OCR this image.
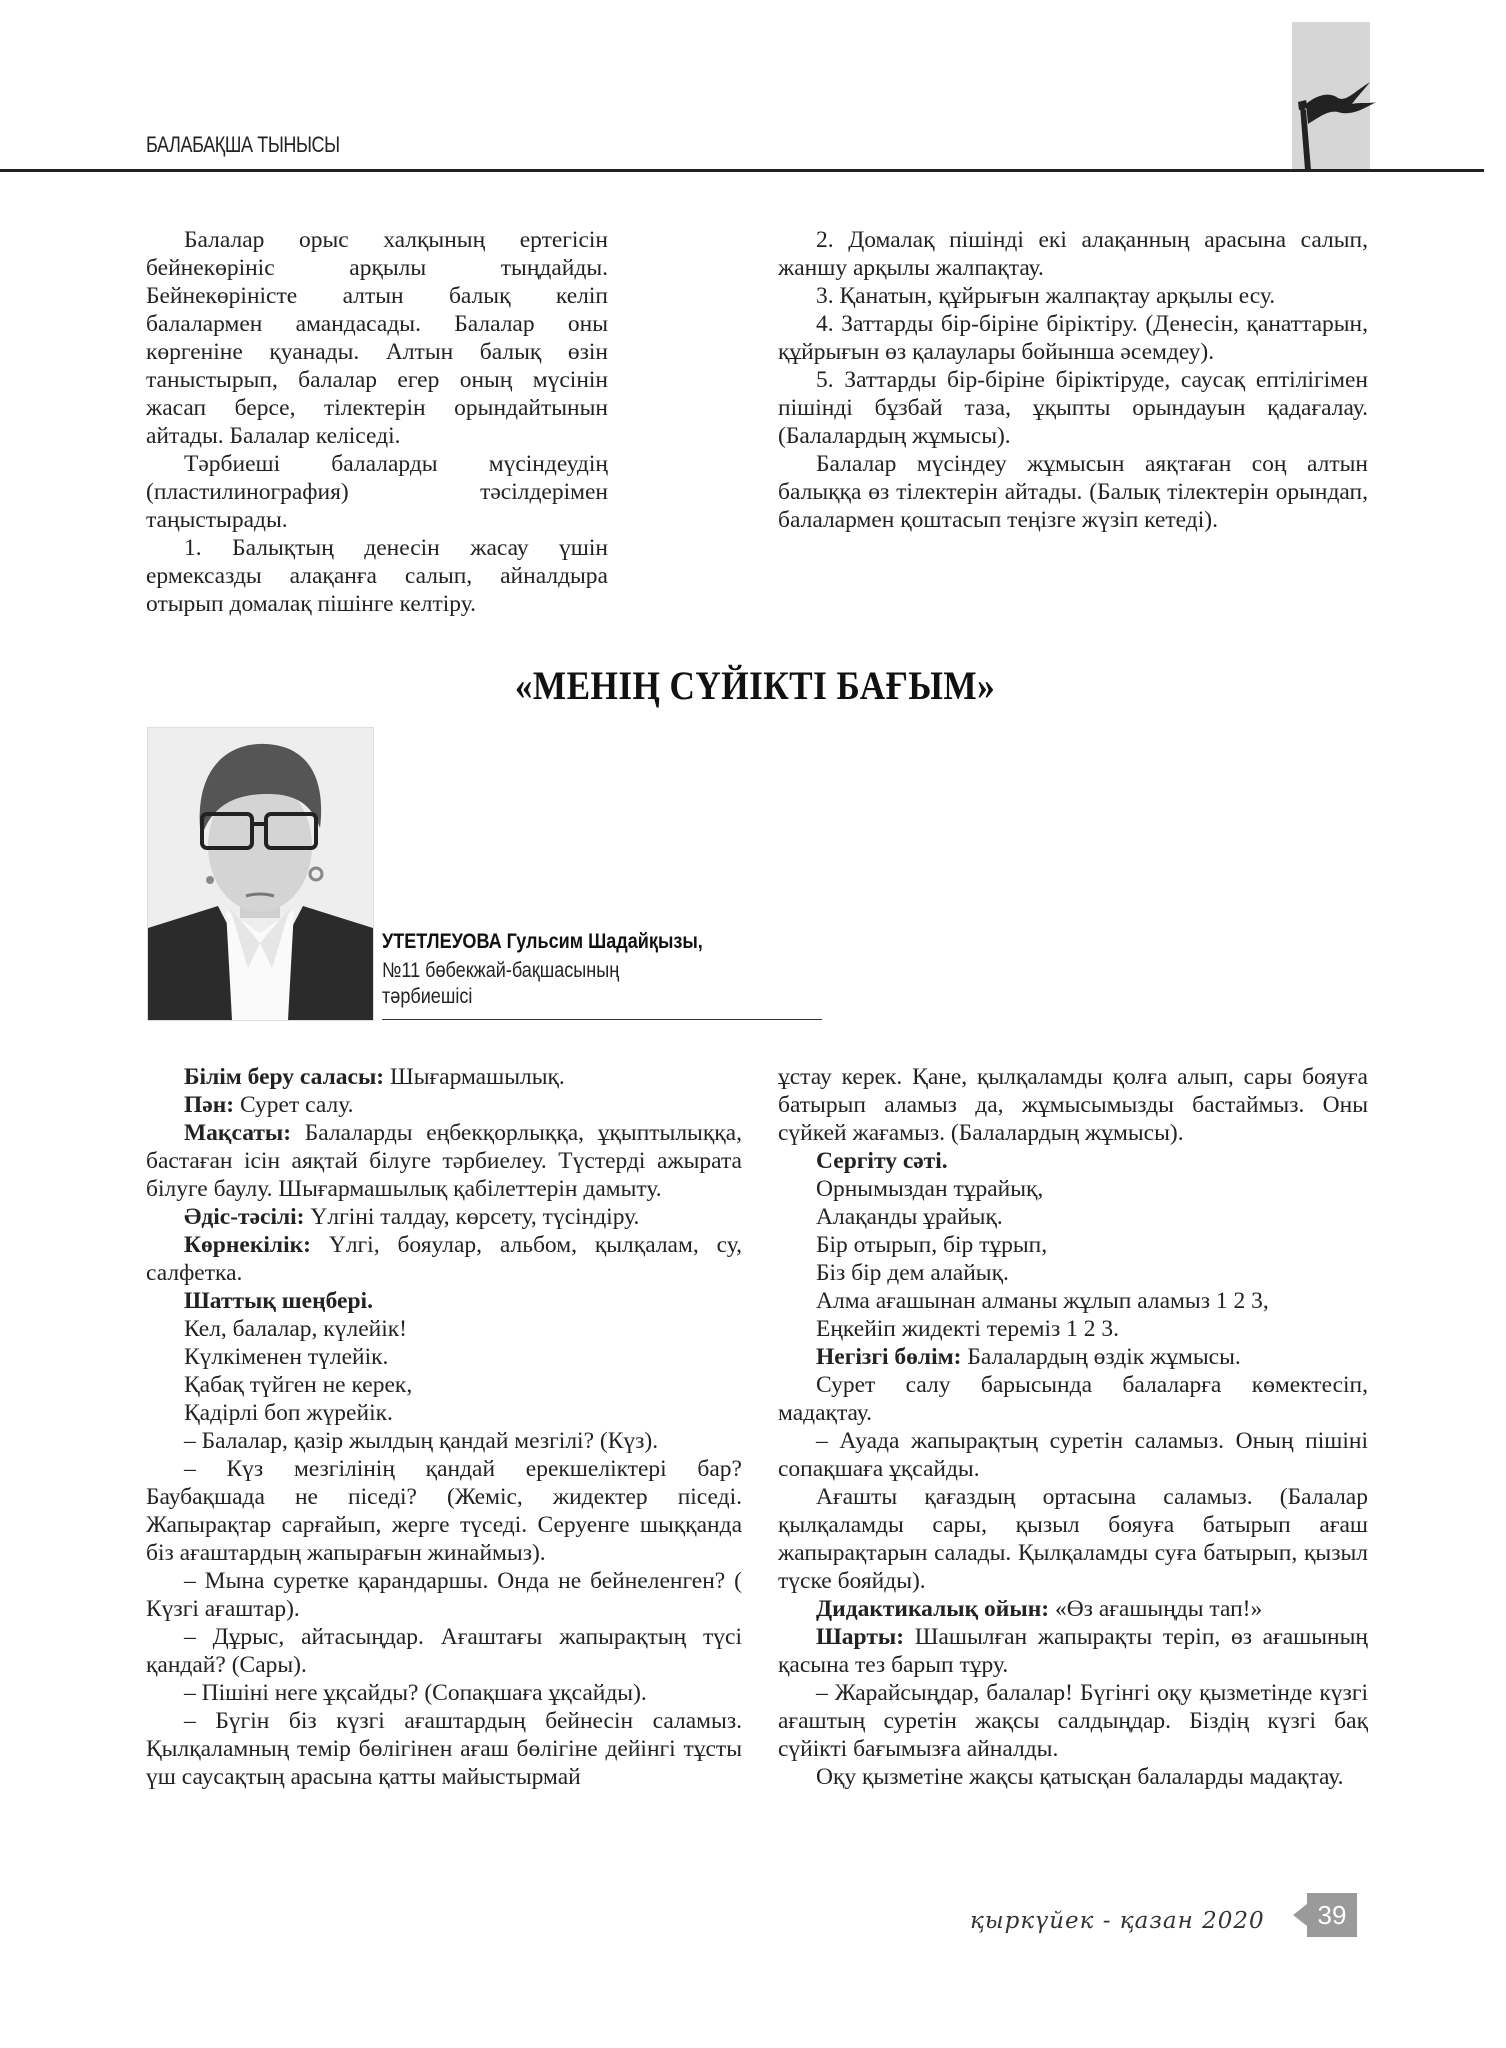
БАЛАБАҚША ТЫНЫСЫ

Балалар орыс халқының ертегісін бейнекөрініс арқылы тыңдайды. Бейнекөріністе алтын балық келіп балалармен амандасады. Балалар оны көргеніне қуанады. Алтын балық өзін таныстырып, балалар егер оның мүсінін жасап берсе, тілектерін орындайтынын айтады. Балалар келіседі.

Тәрбиеші балаларды мүсіндеудің (пластилинография) тәсілдерімен таңыстырады.

1. Балықтың денесін жасау үшін ермексазды алақанға салып, айналдыра отырып домалақ пішінге келтіру.

2. Домалақ пішінді екі алақанның арасына салып, жаншу арқылы жалпақтау.

3. Қанатын, құйрығын жалпақтау арқылы есу.

4. Заттарды бір-біріне біріктіру. (Денесін, қанаттарын, құйрығын өз қалаулары бойынша әсемдеу).

5. Заттарды бір-біріне біріктіруде, саусақ ептілігімен пішінді бұзбай таза, ұқыпты орындауын қадағалау. (Балалардың жұмысы).

Балалар мүсіндеу жұмысын аяқтаған соң алтын балыққа өз тілектерін айтады. (Балық тілектерін орындап, балалармен қоштасып теңізге жүзіп кетеді).

«МЕНІҢ СҮЙІКТІ БАҒЫМ»
УТЕТЛЕУОВА Гульсим Шадайқызы,
№11 бөбекжай-бақшасының
тәрбиешісі

Білім беру саласы: Шығармашылық.

Пән: Сурет салу.

Мақсаты: Балаларды еңбекқорлыққа, ұқыптылыққа, бастаған ісін аяқтай білуге тәрбиелеу. Түстерді ажырата білуге баулу. Шығармашылық қабілеттерін дамыту.

Әдіс-тәсілі: Үлгіні талдау, көрсету, түсіндіру.

Көрнекілік: Үлгі, бояулар, альбом, қылқалам, су, салфетка.

Шаттық шеңбері.

Кел, балалар, күлейік!

Күлкіменен түлейік.

Қабақ түйген не керек,

Қадірлі боп жүрейік.

– Балалар, қазір жылдың қандай мезгілі? (Күз).

– Күз мезгілінің қандай ерекшеліктері бар? Баубақшада не піседі? (Жеміс, жидектер піседі. Жапырақтар сарғайып, жерге түседі. Серуенге шыққанда біз ағаштардың жапырағын жинаймыз).

– Мына суретке қарандаршы. Онда не бейнеленген? ( Күзгі ағаштар).

– Дұрыс, айтасыңдар. Ағаштағы жапырақтың түсі қандай? (Сары).

– Пішіні неге ұқсайды? (Сопақшаға ұқсайды).

– Бүгін біз күзгі ағаштардың бейнесін саламыз. Қылқаламның темір бөлігінен ағаш бөлігіне дейінгі тұсты үш саусақтың арасына қатты майыстырмай

ұстау керек. Қане, қылқаламды қолға алып, сары бояуға батырып аламыз да, жұмысымызды бастаймыз. Оны сүйкей жағамыз. (Балалардың жұмысы).

Сергіту сәті.

Орнымыздан тұрайық,

Алақанды ұрайық.

Бір отырып, бір тұрып,

Біз бір дем алайық.

Алма ағашынан алманы жұлып аламыз 1 2 3,

Еңкейіп жидекті тереміз 1 2 3.

Негізгі бөлім: Балалардың өздік жұмысы.

Сурет салу барысында балаларға көмектесіп, мадақтау.

– Ауада жапырақтың суретін саламыз. Оның пішіні сопақшаға ұқсайды.

Ағашты қағаздың ортасына саламыз. (Балалар қылқаламды сары, қызыл бояуға батырып ағаш жапырақтарын салады. Қылқаламды суға батырып, қызыл түске бояйды).

Дидактикалық ойын: «Өз ағашыңды тап!»

Шарты: Шашылған жапырақты теріп, өз ағашының қасына тез барып тұру.

– Жарайсыңдар, балалар! Бүгінгі оқу қызметінде күзгі ағаштың суретін жақсы салдыңдар. Біздің күзгі бақ сүйікті бағымызға айналды.

Оқу қызметіне жақсы қатысқан балаларды мадақтау.

қыркүйек - қазан 2020	39
